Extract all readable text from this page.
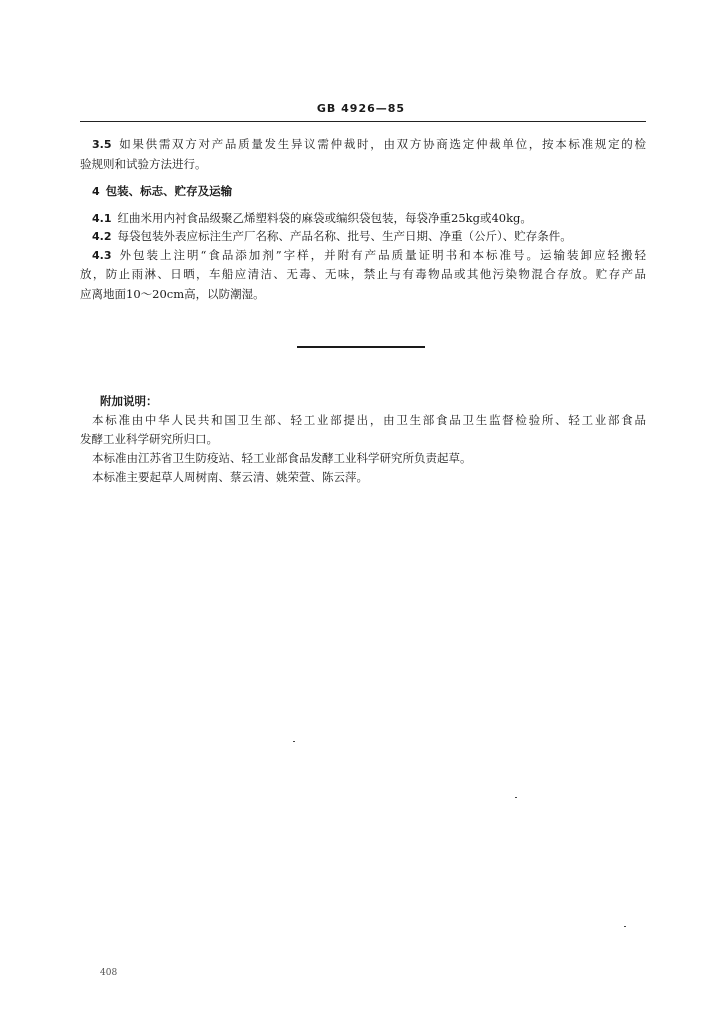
GB 4926—85
3.5 如果供需双方对产品质量发生异议需仲裁时，由双方协商选定仲裁单位，按本标准规定的检
验规则和试验方法进行。
4 包装、标志、贮存及运输
4.1 红曲米用内衬食品级聚乙烯塑料袋的麻袋或编织袋包装，每袋净重25kg或40kg。
4.2 每袋包装外表应标注生产厂名称、产品名称、批号、生产日期、净重（公斤）、贮存条件。
4.3 外包装上注明“食品添加剂”字样，并附有产品质量证明书和本标准号。运输装卸应轻搬轻
放，防止雨淋、日晒，车船应清洁、无毒、无味，禁止与有毒物品或其他污染物混合存放。贮存产品
应离地面10～20cm高，以防潮湿。
附加说明：
本标准由中华人民共和国卫生部、轻工业部提出，由卫生部食品卫生监督检验所、轻工业部食品
发酵工业科学研究所归口。
本标准由江苏省卫生防疫站、轻工业部食品发酵工业科学研究所负责起草。
本标准主要起草人周树南、蔡云清、姚荣萱、陈云萍。
408
